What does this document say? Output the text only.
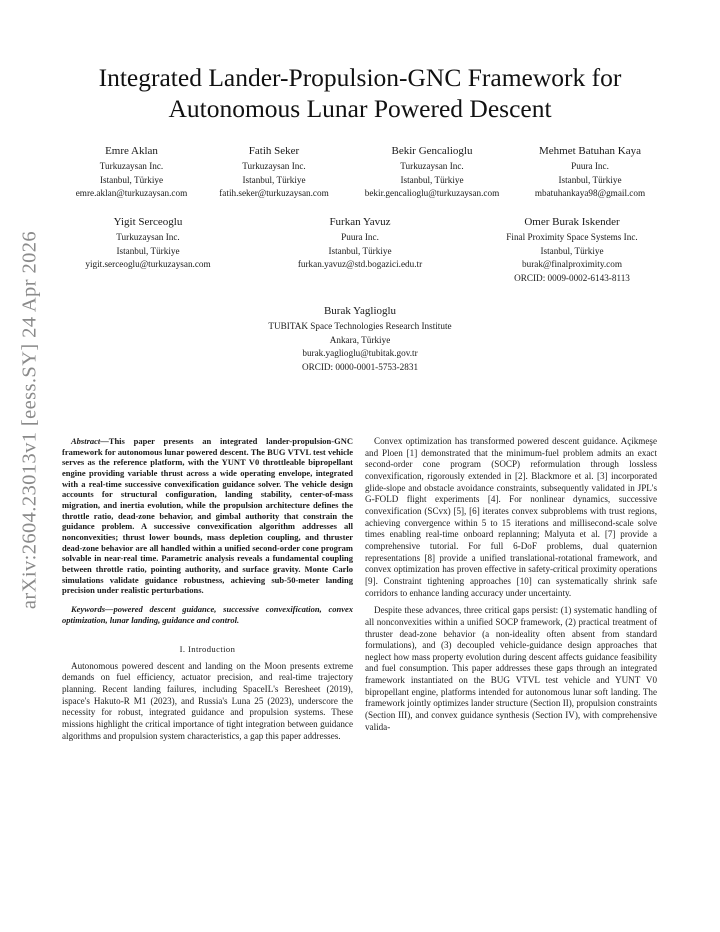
arXiv:2604.23013v1 [eess.SY] 24 Apr 2026
Integrated Lander-Propulsion-GNC Framework for Autonomous Lunar Powered Descent
Emre Aklan
Turkuzaysan Inc.
Istanbul, Türkiye
emre.aklan@turkuzaysan.com
Fatih Seker
Turkuzaysan Inc.
Istanbul, Türkiye
fatih.seker@turkuzaysan.com
Bekir Gencalioglu
Turkuzaysan Inc.
Istanbul, Türkiye
bekir.gencalioglu@turkuzaysan.com
Mehmet Batuhan Kaya
Puura Inc.
Istanbul, Türkiye
mbatuhankaya98@gmail.com
Yigit Serceoglu
Turkuzaysan Inc.
Istanbul, Türkiye
yigit.serceoglu@turkuzaysan.com
Furkan Yavuz
Puura Inc.
Istanbul, Türkiye
furkan.yavuz@std.bogazici.edu.tr
Omer Burak Iskender
Final Proximity Space Systems Inc.
Istanbul, Türkiye
burak@finalproximity.com
ORCID: 0009-0002-6143-8113
Burak Yaglioglu
TUBITAK Space Technologies Research Institute
Ankara, Türkiye
burak.yaglioglu@tubitak.gov.tr
ORCID: 0000-0001-5753-2831

Abstract—This paper presents an integrated lander-propulsion-GNC framework for autonomous lunar powered descent. The BUG VTVL test vehicle serves as the reference platform, with the YUNT V0 throttleable bipropellant engine providing variable thrust across a wide operating envelope, integrated with a real-time successive convexification guidance solver. The vehicle design accounts for structural configuration, landing stability, center-of-mass migration, and inertia evolution, while the propulsion architecture defines the throttle ratio, dead-zone behavior, and gimbal authority that constrain the guidance problem. A successive convexification algorithm addresses all nonconvexities; thrust lower bounds, mass depletion coupling, and thruster dead-zone behavior are all handled within a unified second-order cone program solvable in near-real time. Parametric analysis reveals a fundamental coupling between throttle ratio, pointing authority, and surface gravity. Monte Carlo simulations validate guidance robustness, achieving sub-50-meter landing precision under realistic perturbations.

Keywords—powered descent guidance, successive convexification, convex optimization, lunar landing, guidance and control.

I. Introduction

Autonomous powered descent and landing on the Moon presents extreme demands on fuel efficiency, actuator precision, and real-time trajectory planning. Recent landing failures, including SpaceIL's Beresheet (2019), ispace's Hakuto-R M1 (2023), and Russia's Luna 25 (2023), underscore the necessity for robust, integrated guidance and propulsion systems. These missions highlight the critical importance of tight integration between guidance algorithms and propulsion system characteristics, a gap this paper addresses.

Convex optimization has transformed powered descent guidance. Açikmeşe and Ploen [1] demonstrated that the minimum-fuel problem admits an exact second-order cone program (SOCP) reformulation through lossless convexification, rigorously extended in [2]. Blackmore et al. [3] incorporated glide-slope and obstacle avoidance constraints, subsequently validated in JPL's G-FOLD flight experiments [4]. For nonlinear dynamics, successive convexification (SCvx) [5], [6] iterates convex subproblems with trust regions, achieving convergence within 5 to 15 iterations and millisecond-scale solve times enabling real-time onboard replanning; Malyuta et al. [7] provide a comprehensive tutorial. For full 6-DoF problems, dual quaternion representations [8] provide a unified translational-rotational framework, and convex optimization has proven effective in safety-critical proximity operations [9]. Constraint tightening approaches [10] can systematically shrink safe corridors to enhance landing accuracy under uncertainty.

Despite these advances, three critical gaps persist: (1) systematic handling of all nonconvexities within a unified SOCP framework, (2) practical treatment of thruster dead-zone behavior (a non-ideality often absent from standard formulations), and (3) decoupled vehicle-guidance design approaches that neglect how mass property evolution during descent affects guidance feasibility and fuel consumption. This paper addresses these gaps through an integrated framework instantiated on the BUG VTVL test vehicle and YUNT V0 bipropellant engine, platforms intended for autonomous lunar soft landing. The framework jointly optimizes lander structure (Section II), propulsion constraints (Section III), and convex guidance synthesis (Section IV), with comprehensive valida-
